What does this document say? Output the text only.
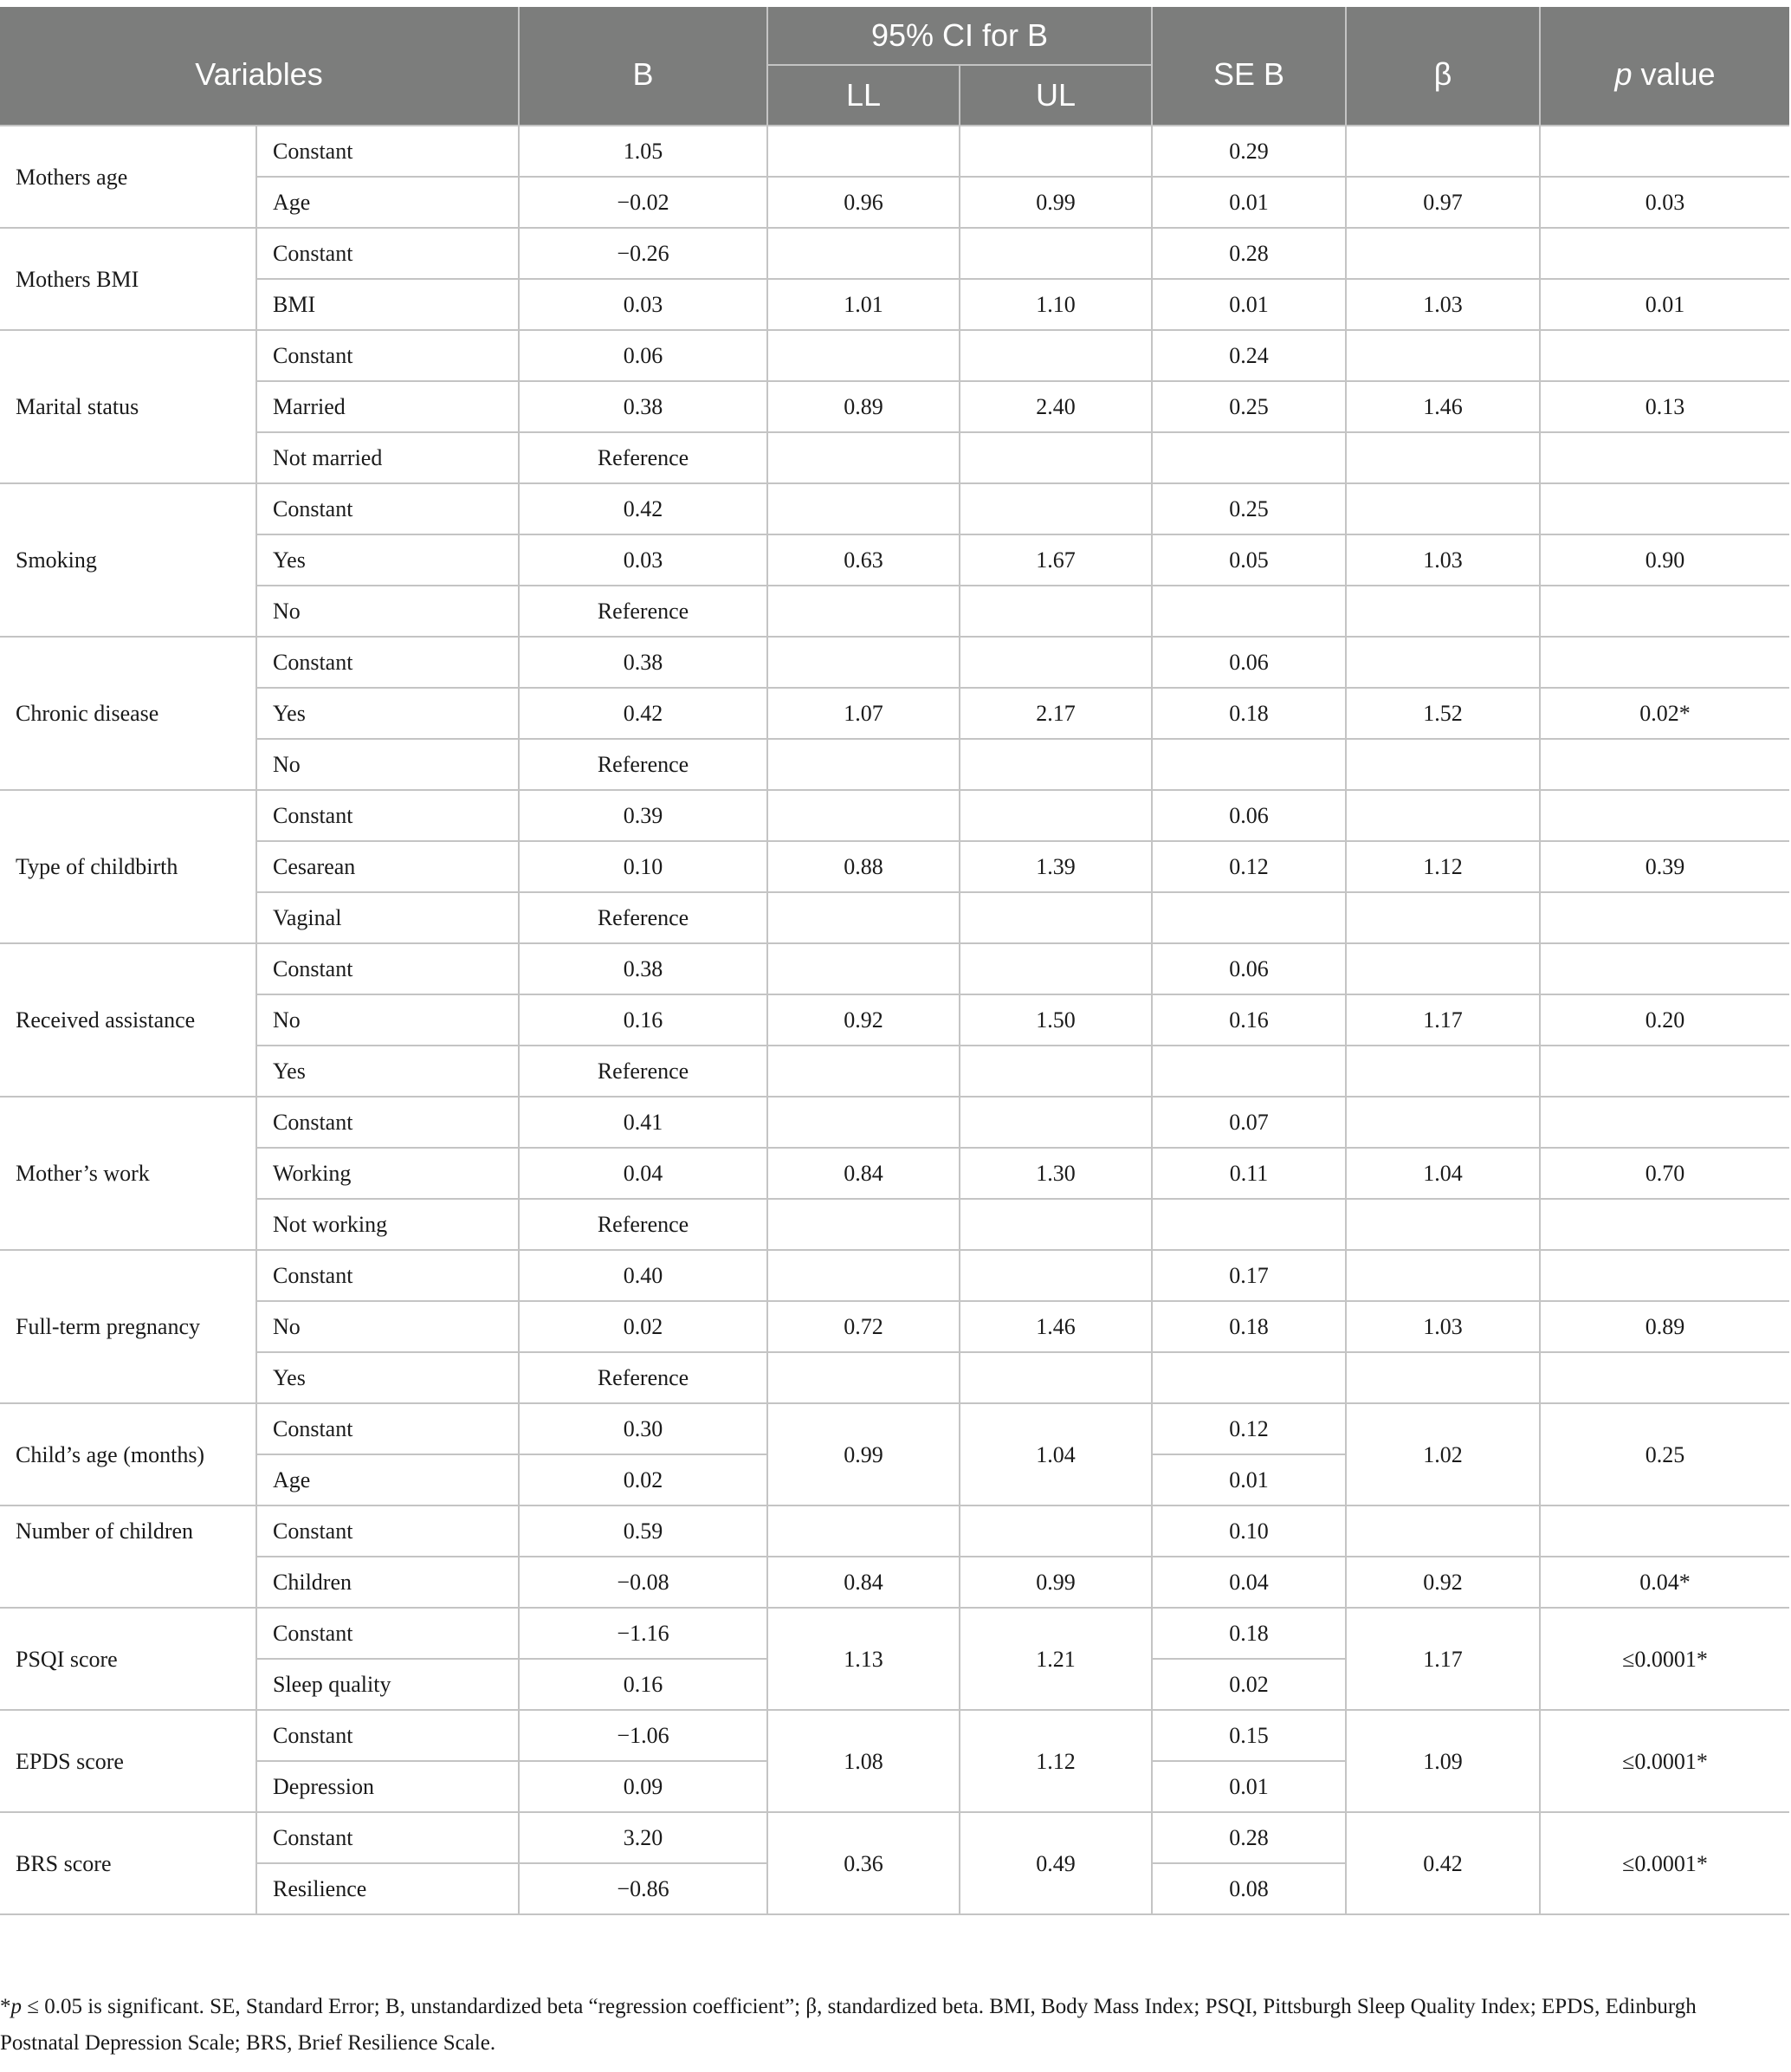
Variables		B	95% CI for B		SE B	β	p value
			LL	UL			
Mothers age	Constant	1.05			0.29		
	Age	−0.02	0.96	0.99	0.01	0.97	0.03
Mothers BMI	Constant	−0.26			0.28		
	BMI	0.03	1.01	1.10	0.01	1.03	0.01
Marital status	Constant	0.06			0.24		
	Married	0.38	0.89	2.40	0.25	1.46	0.13
	Not married	Reference					
Smoking	Constant	0.42			0.25		
	Yes	0.03	0.63	1.67	0.05	1.03	0.90
	No	Reference					
Chronic disease	Constant	0.38			0.06		
	Yes	0.42	1.07	2.17	0.18	1.52	0.02*
	No	Reference					
Type of childbirth	Constant	0.39			0.06		
	Cesarean	0.10	0.88	1.39	0.12	1.12	0.39
	Vaginal	Reference					
Received assistance	Constant	0.38			0.06		
	No	0.16	0.92	1.50	0.16	1.17	0.20
	Yes	Reference					
Mother’s work	Constant	0.41			0.07		
	Working	0.04	0.84	1.30	0.11	1.04	0.70
	Not working	Reference					
Full-term pregnancy	Constant	0.40			0.17		
	No	0.02	0.72	1.46	0.18	1.03	0.89
	Yes	Reference					
Child’s age (months)	Constant	0.30	0.99	1.04	0.12	1.02	0.25
	Age	0.02			0.01		
Number of children	Constant	0.59			0.10		
	Children	−0.08	0.84	0.99	0.04	0.92	0.04*
PSQI score	Constant	−1.16	1.13	1.21	0.18	1.17	≤0.0001*
	Sleep quality	0.16			0.02		
EPDS score	Constant	−1.06	1.08	1.12	0.15	1.09	≤0.0001*
	Depression	0.09			0.01		
BRS score	Constant	3.20	0.36	0.49	0.28	0.42	≤0.0001*
	Resilience	−0.86			0.08		

*p ≤ 0.05 is significant. SE, Standard Error; B, unstandardized beta “regression coefficient”; β, standardized beta. BMI, Body Mass Index; PSQI, Pittsburgh Sleep Quality Index; EPDS, Edinburgh Postnatal Depression Scale; BRS, Brief Resilience Scale.
